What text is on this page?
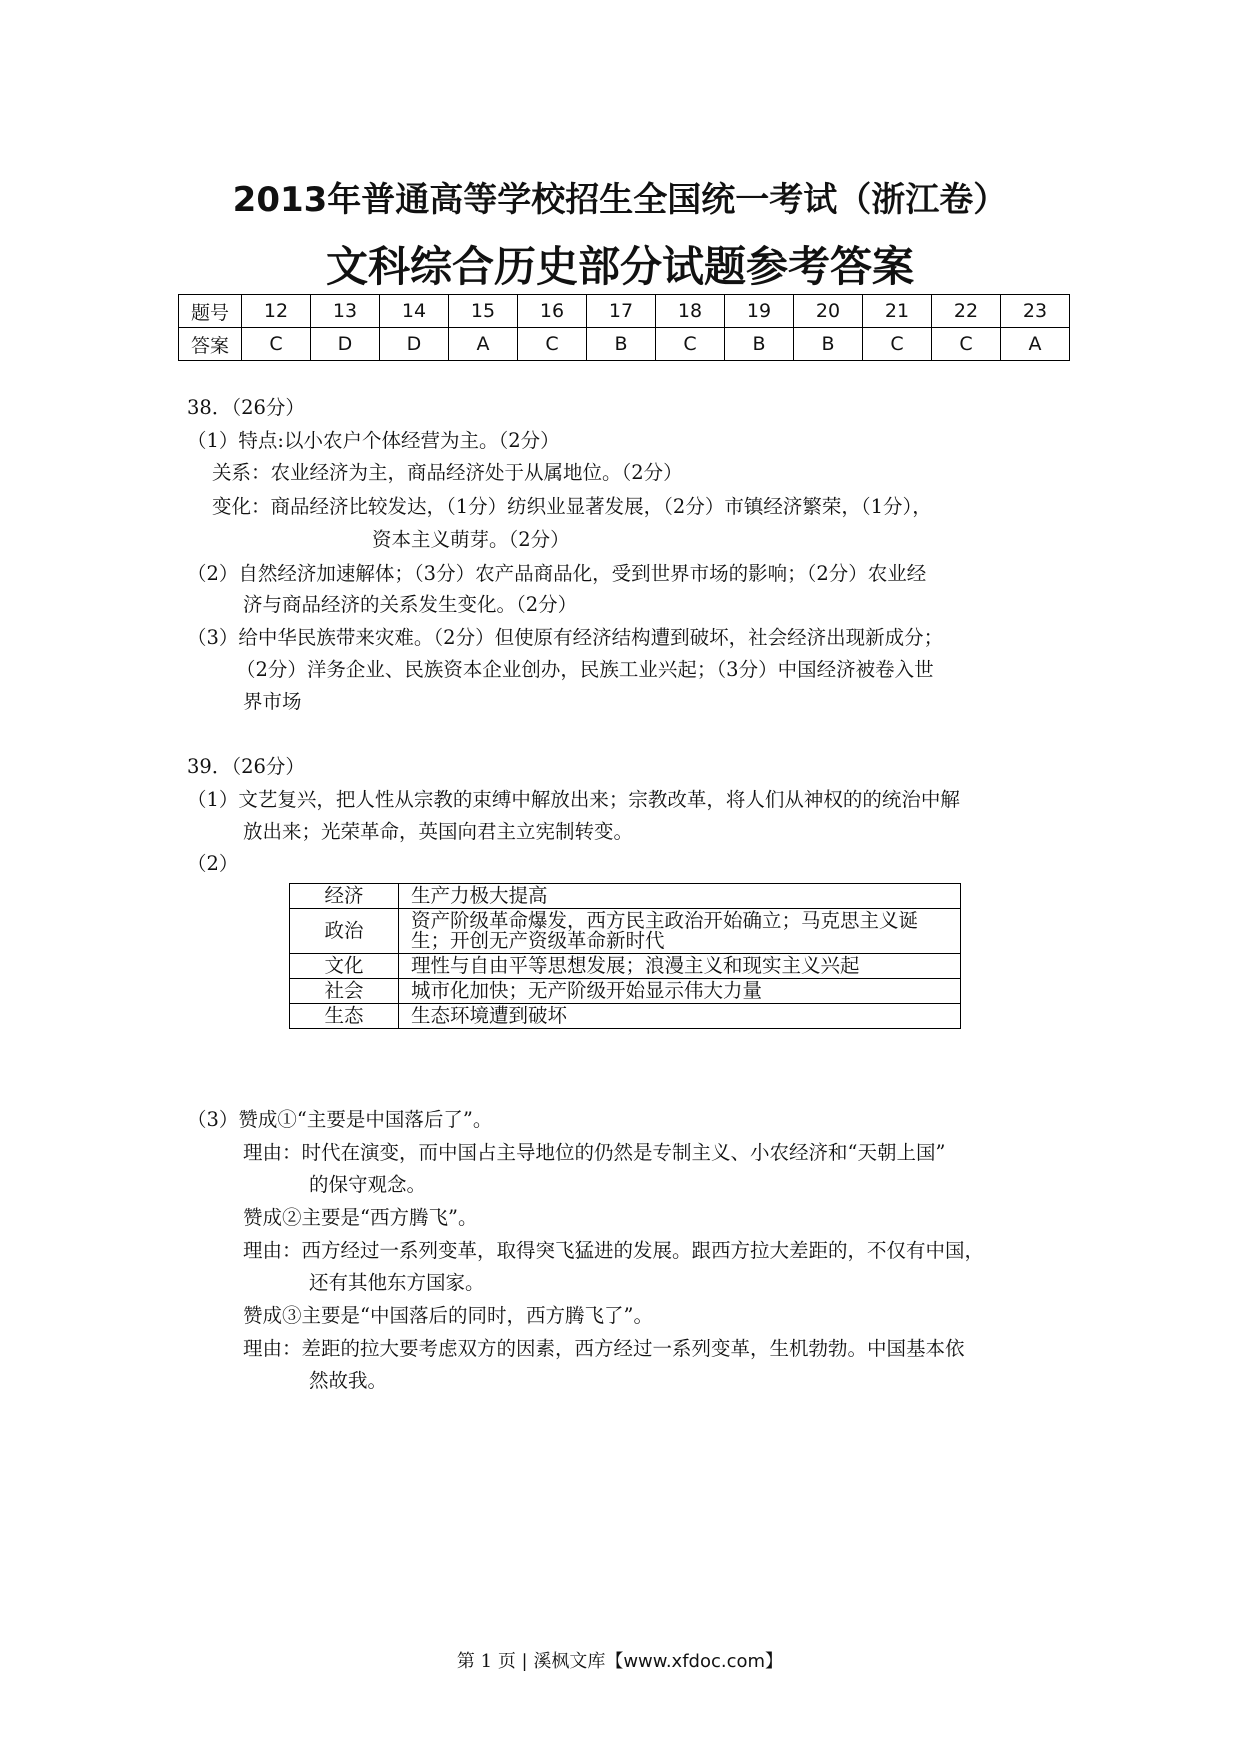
2013年普通高等学校招生全国统一考试（浙江卷）
文科综合历史部分试题参考答案
题号	12	13	14	15	16	17	18	19	20	21	22	23
答案	C	D	D	A	C	B	C	B	B	C	C	A
38．（26分）
（1）特点:以小农户个体经营为主。（2分）
关系：农业经济为主，商品经济处于从属地位。（2分）
变化：商品经济比较发达，（1分）纺织业显著发展，（2分）市镇经济繁荣，（1分），
资本主义萌芽。（2分）
（2）自然经济加速解体；（3分）农产品商品化，受到世界市场的影响；（2分）农业经
济与商品经济的关系发生变化。（2分）
（3）给中华民族带来灾难。（2分）但使原有经济结构遭到破坏，社会经济出现新成分；
（2分）洋务企业、民族资本企业创办，民族工业兴起；（3分）中国经济被卷入世
界市场
39．（26分）
（1）文艺复兴，把人性从宗教的束缚中解放出来；宗教改革，将人们从神权的的统治中解
放出来；光荣革命，英国向君主立宪制转变。
（2）
经济	生产力极大提高
政治	资产阶级革命爆发，西方民主政治开始确立；马克思主义诞生；开创无产资级革命新时代
文化	理性与自由平等思想发展；浪漫主义和现实主义兴起
社会	城市化加快；无产阶级开始显示伟大力量
生态	生态环境遭到破坏
（3）赞成①“主要是中国落后了”。
理由：时代在演变，而中国占主导地位的仍然是专制主义、小农经济和“天朝上国”
的保守观念。
赞成②主要是“西方腾飞”。
理由：西方经过一系列变革，取得突飞猛进的发展。跟西方拉大差距的，不仅有中国，
还有其他东方国家。
赞成③主要是“中国落后的同时，西方腾飞了”。
理由：差距的拉大要考虑双方的因素，西方经过一系列变革，生机勃勃。中国基本依
然故我。
第 1 页 | 溪枫文库【www.xfdoc.com】
